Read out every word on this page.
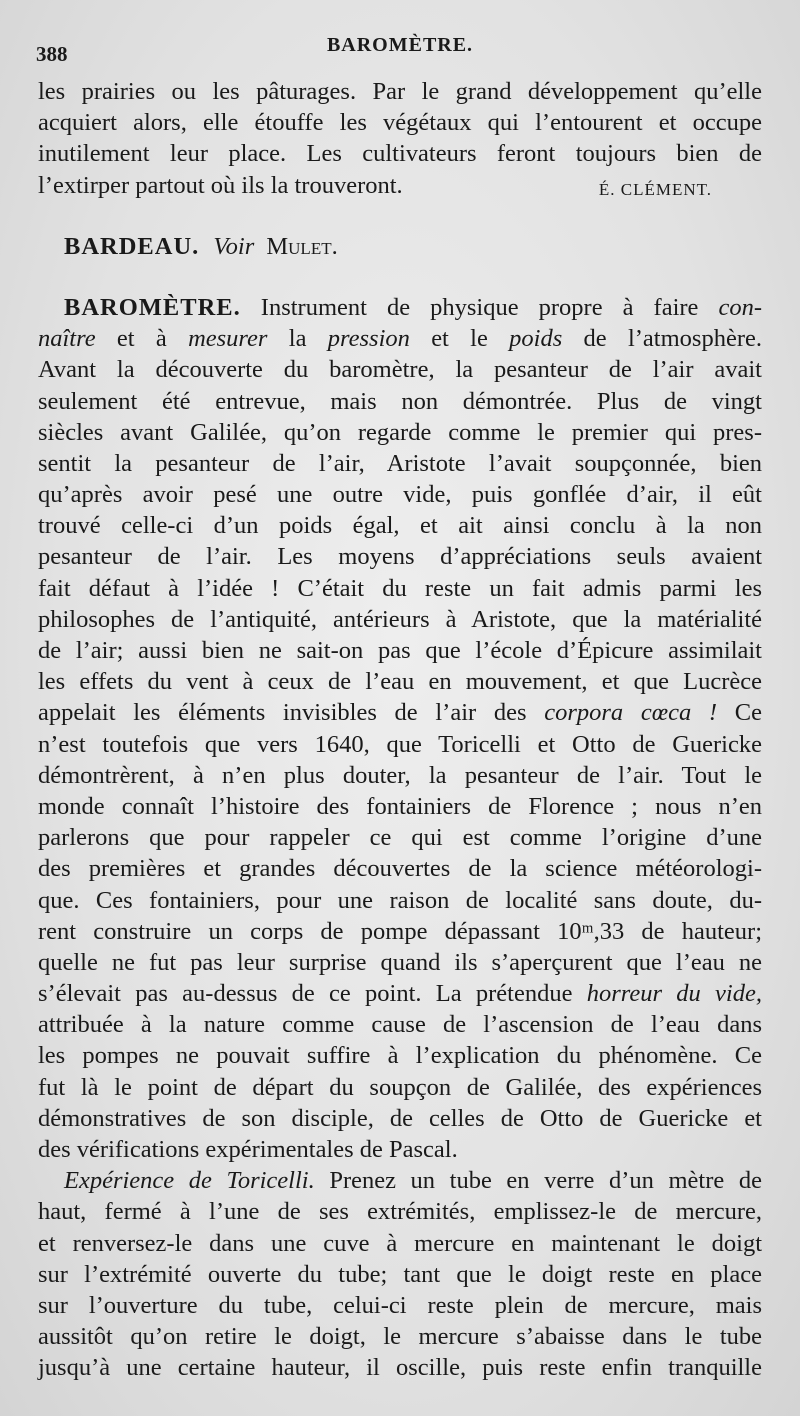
388	BAROMÈTRE.
les prairies ou les pâturages. Par le grand développement qu’elle
acquiert alors, elle étouffe les végétaux qui l’entourent et occupe
inutilement leur place. Les cultivateurs feront toujours bien de
l’extirper partout où ils la trouveront.	É. CLÉMENT.
BARDEAU. Voir Mulet.
BAROMÈTRE. Instrument de physique propre à faire con-
naître et à mesurer la pression et le poids de l’atmosphère.
Avant la découverte du baromètre, la pesanteur de l’air avait
seulement été entrevue, mais non démontrée. Plus de vingt
siècles avant Galilée, qu’on regarde comme le premier qui pres-
sentit la pesanteur de l’air, Aristote l’avait soupçonnée, bien
qu’après avoir pesé une outre vide, puis gonflée d’air, il eût
trouvé celle-ci d’un poids égal, et ait ainsi conclu à la non
pesanteur de l’air. Les moyens d’appréciations seuls avaient
fait défaut à l’idée ! C’était du reste un fait admis parmi les
philosophes de l’antiquité, antérieurs à Aristote, que la matérialité
de l’air; aussi bien ne sait-on pas que l’école d’Épicure assimilait
les effets du vent à ceux de l’eau en mouvement, et que Lucrèce
appelait les éléments invisibles de l’air des corpora cœca ! Ce
n’est toutefois que vers 1640, que Toricelli et Otto de Guericke
démontrèrent, à n’en plus douter, la pesanteur de l’air. Tout le
monde connaît l’histoire des fontainiers de Florence ; nous n’en
parlerons que pour rappeler ce qui est comme l’origine d’une
des premières et grandes découvertes de la science météorologi-
que. Ces fontainiers, pour une raison de localité sans doute, du-
rent construire un corps de pompe dépassant 10ᵐ,33 de hauteur;
quelle ne fut pas leur surprise quand ils s’aperçurent que l’eau ne
s’élevait pas au-dessus de ce point. La prétendue horreur du vide,
attribuée à la nature comme cause de l’ascension de l’eau dans
les pompes ne pouvait suffire à l’explication du phénomène. Ce
fut là le point de départ du soupçon de Galilée, des expériences
démonstratives de son disciple, de celles de Otto de Guericke et
des vérifications expérimentales de Pascal.
Expérience de Toricelli. Prenez un tube en verre d’un mètre de
haut, fermé à l’une de ses extrémités, emplissez-le de mercure,
et renversez-le dans une cuve à mercure en maintenant le doigt
sur l’extrémité ouverte du tube; tant que le doigt reste en place
sur l’ouverture du tube, celui-ci reste plein de mercure, mais
aussitôt qu’on retire le doigt, le mercure s’abaisse dans le tube
jusqu’à une certaine hauteur, il oscille, puis reste enfin tranquille
